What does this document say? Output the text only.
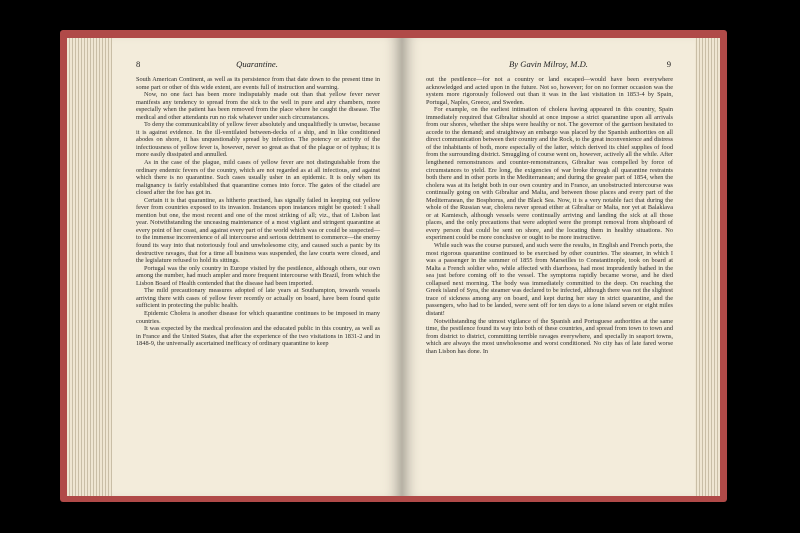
8	Quarantine.

South American Continent, as well as its persistence from that date down to the present time in some part or other of this wide extent, are events full of instruction and warning.

Now, no one fact has been more indisputably made out than that yellow fever never manifests any tendency to spread from the sick to the well in pure and airy chambers, more especially when the patient has been removed from the place where he caught the disease. The medical and other attendants run no risk whatever under such circumstances.

To deny the communicability of yellow fever absolutely and unqualifiedly is unwise, because it is against evidence. In the ill-ventilated between-decks of a ship, and in like conditioned abodes on shore, it has unquestionably spread by infection. The potency or activity of the infectiousness of yellow fever is, however, never so great as that of the plague or of typhus; it is more easily dissipated and annulled.

As in the case of the plague, mild cases of yellow fever are not distinguishable from the ordinary endemic fevers of the country, which are not regarded as at all infectious, and against which there is no quarantine. Such cases usually usher in an epidemic. It is only when its malignancy is fairly established that quarantine comes into force. The gates of the citadel are closed after the foe has got in.

Certain it is that quarantine, as hitherto practised, has signally failed in keeping out yellow fever from countries exposed to its invasion. Instances upon instances might be quoted: I shall mention but one, the most recent and one of the most striking of all; viz., that of Lisbon last year. Notwithstanding the unceasing maintenance of a most vigilant and stringent quarantine at every point of her coast, and against every part of the world which was or could be suspected—to the immense inconvenience of all intercourse and serious detriment to commerce—the enemy found its way into that notoriously foul and unwholesome city, and caused such a panic by its destructive ravages, that for a time all business was suspended, the law courts were closed, and the legislature refused to hold its sittings.

Portugal was the only country in Europe visited by the pestilence, although others, our own among the number, had much ampler and more frequent intercourse with Brazil, from which the Lisbon Board of Health contended that the disease had been imported.

The mild precautionary measures adopted of late years at Southampton, towards vessels arriving there with cases of yellow fever recently or actually on board, have been found quite sufficient in protecting the public health.

Epidemic Cholera is another disease for which quarantine continues to be imposed in many countries.

It was expected by the medical profession and the educated public in this country, as well as in France and the United States, that after the experience of the two visitations in 1831-2 and in 1848-9, the universally ascertained inefficacy of ordinary quarantine to keep

By Gavin Milroy, M.D.	9

out the pestilence—for not a country or land escaped—would have been everywhere acknowledged and acted upon in the future. Not so, however; for on no former occasion was the system more rigorously followed out than it was in the last visitation in 1853-4 by Spain, Portugal, Naples, Greece, and Sweden.

For example, on the earliest intimation of cholera having appeared in this country, Spain immediately required that Gibraltar should at once impose a strict quarantine upon all arrivals from our shores, whether the ships were healthy or not. The governor of the garrison hesitated to accede to the demand; and straightway an embargo was placed by the Spanish authorities on all direct communication between their country and the Rock, to the great inconvenience and distress of the inhabitants of both, more especially of the latter, which derived its chief supplies of food from the surrounding district. Smuggling of course went on, however, actively all the while. After lengthened remonstrances and counter-remonstrances, Gibraltar was compelled by force of circumstances to yield. Ere long, the exigencies of war broke through all quarantine restraints both there and in other ports in the Mediterranean; and during the greater part of 1854, when the cholera was at its height both in our own country and in France, an unobstructed intercourse was continually going on with Gibraltar and Malta, and between those places and every part of the Mediterranean, the Bosphorus, and the Black Sea. Now, it is a very notable fact that during the whole of the Russian war, cholera never spread either at Gibraltar or Malta, nor yet at Balaklava or at Kamiesch, although vessels were continually arriving and landing the sick at all those places, and the only precautions that were adopted were the prompt removal from shipboard of every person that could be sent on shore, and the locating them in healthy situations. No experiment could be more conclusive or ought to be more instructive.

While such was the course pursued, and such were the results, in English and French ports, the most rigorous quarantine continued to be exercised by other countries. The steamer, in which I was a passenger in the summer of 1855 from Marseilles to Constantinople, took on board at Malta a French soldier who, while affected with diarrhoea, had most imprudently bathed in the sea just before coming off to the vessel. The symptoms rapidly became worse, and he died collapsed next morning. The body was immediately committed to the deep. On reaching the Greek island of Syra, the steamer was declared to be infected, although there was not the slightest trace of sickness among any on board, and kept during her stay in strict quarantine, and the passengers, who had to be landed, were sent off for ten days to a lone island seven or eight miles distant!

Notwithstanding the utmost vigilance of the Spanish and Portuguese authorities at the same time, the pestilence found its way into both of these countries, and spread from town to town and from district to district, committing terrible ravages everywhere, and specially in seaport towns, which are always the most unwholesome and worst conditioned. No city has of late fared worse than Lisbon has done. In
